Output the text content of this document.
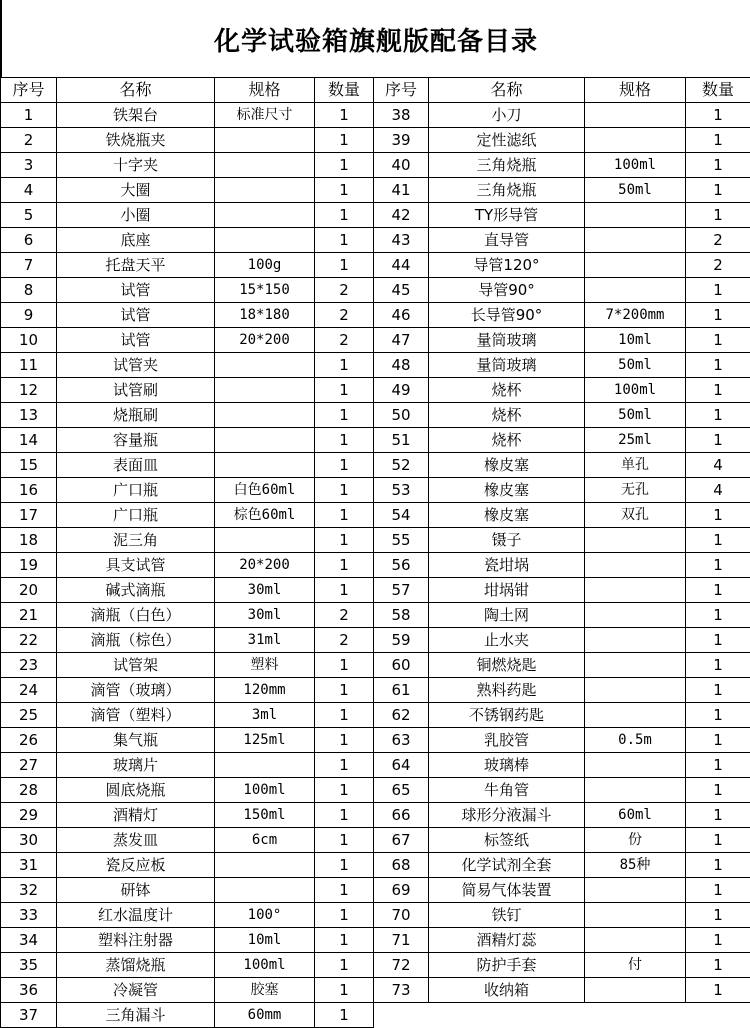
化学试验箱旗舰版配备目录
序号	名称	规格	数量
1	铁架台	标准尺寸	1
2	铁烧瓶夹		1
3	十字夹		1
4	大圈		1
5	小圈		1
6	底座		1
7	托盘天平	100g	1
8	试管	15*150	2
9	试管	18*180	2
10	试管	20*200	2
11	试管夹		1
12	试管刷		1
13	烧瓶刷		1
14	容量瓶		1
15	表面皿		1
16	广口瓶	白色60ml	1
17	广口瓶	棕色60ml	1
18	泥三角		1
19	具支试管	20*200	1
20	碱式滴瓶	30ml	1
21	滴瓶（白色）	30ml	2
22	滴瓶（棕色）	31ml	2
23	试管架	塑料	1
24	滴管（玻璃）	120mm	1
25	滴管（塑料）	3ml	1
26	集气瓶	125ml	1
27	玻璃片		1
28	圆底烧瓶	100ml	1
29	酒精灯	150ml	1
30	蒸发皿	6cm	1
31	瓷反应板		1
32	研钵		1
33	红水温度计	100°	1
34	塑料注射器	10ml	1
35	蒸馏烧瓶	100ml	1
36	冷凝管	胶塞	1
37	三角漏斗	60mm	1
序号	名称	规格	数量
38	小刀		1
39	定性滤纸		1
40	三角烧瓶	100ml	1
41	三角烧瓶	50ml	1
42	TY形导管		1
43	直导管		2
44	导管120°		2
45	导管90°		1
46	长导管90°	7*200mm	1
47	量筒玻璃	10ml	1
48	量筒玻璃	50ml	1
49	烧杯	100ml	1
50	烧杯	50ml	1
51	烧杯	25ml	1
52	橡皮塞	单孔	4
53	橡皮塞	无孔	4
54	橡皮塞	双孔	1
55	镊子		1
56	瓷坩埚		1
57	坩埚钳		1
58	陶土网		1
59	止水夹		1
60	铜燃烧匙		1
61	熟料药匙		1
62	不锈钢药匙		1
63	乳胶管	0.5m	1
64	玻璃棒		1
65	牛角管		1
66	球形分液漏斗	60ml	1
67	标签纸	份	1
68	化学试剂全套	85种	1
69	简易气体装置		1
70	铁钉		1
71	酒精灯蕊		1
72	防护手套	付	1
73	收纳箱		1
